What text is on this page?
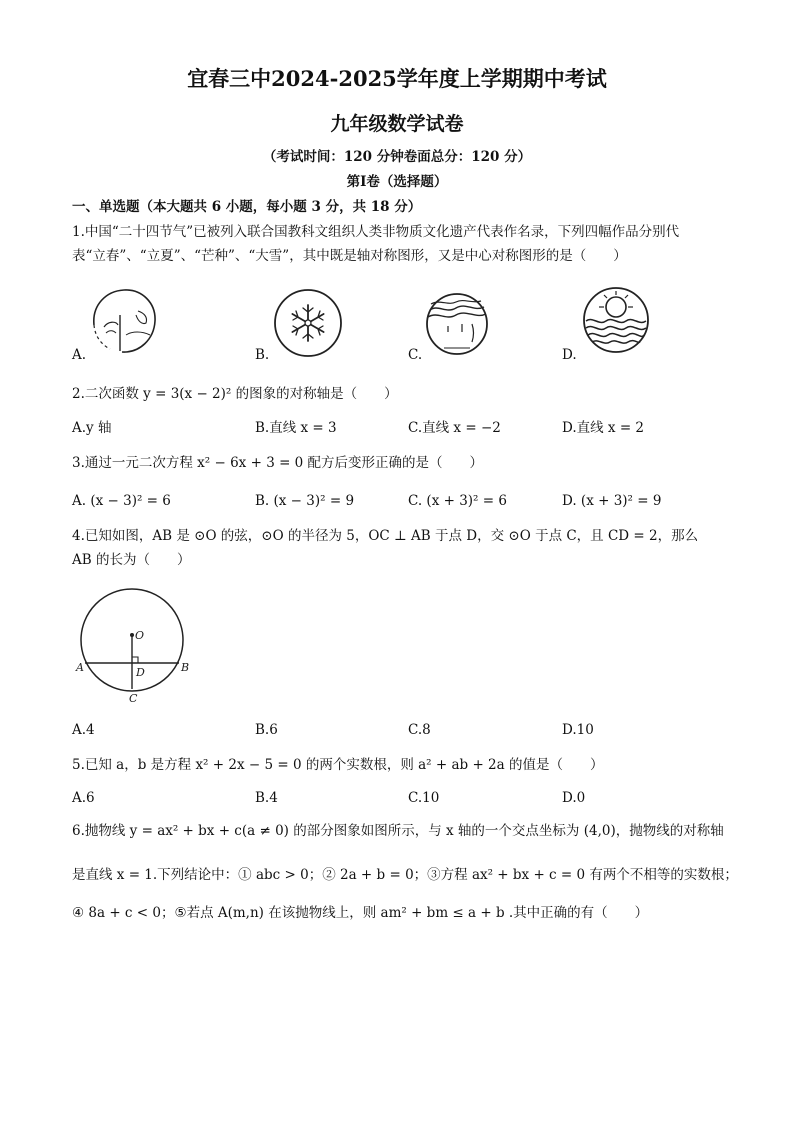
宜春三中2024-2025学年度上学期期中考试
九年级数学试卷
（考试时间：120 分钟卷面总分：120 分）
第Ⅰ卷（选择题）
一、单选题（本大题共 6 小题，每小题 3 分，共 18 分）
1.中国“二十四节气”已被列入联合国教科文组织人类非物质文化遗产代表作名录，下列四幅作品分别代
表“立春”、“立夏”、“芒种”、“大雪”，其中既是轴对称图形，又是中心对称图形的是（　　）
A.	B.	C.	D.
2.二次函数 y = 3(x − 2)² 的图象的对称轴是（　　）
A.y 轴	B.直线 x = 3	C.直线 x = −2	D.直线 x = 2
3.通过一元二次方程 x² − 6x + 3 = 0 配方后变形正确的是（　　）
A. (x − 3)² = 6	B. (x − 3)² = 9	C. (x + 3)² = 6	D. (x + 3)² = 9
4.已知如图，AB 是 ⊙O 的弦，⊙O 的半径为 5，OC ⊥ AB 于点 D，交 ⊙O 于点 C，且 CD = 2，那么
AB 的长为（　　）
O
A	B
D
C
A.4	B.6	C.8	D.10
5.已知 a，b 是方程 x² + 2x − 5 = 0 的两个实数根，则 a² + ab + 2a 的值是（　　）
A.6	B.4	C.10	D.0
6.抛物线 y = ax² + bx + c(a ≠ 0) 的部分图象如图所示，与 x 轴的一个交点坐标为 (4,0)，抛物线的对称轴
是直线 x = 1.下列结论中：① abc > 0；② 2a + b = 0；③方程 ax² + bx + c = 0 有两个不相等的实数根；
④ 8a + c < 0；⑤若点 A(m,n) 在该抛物线上，则 am² + bm ≤ a + b .其中正确的有（　　）
